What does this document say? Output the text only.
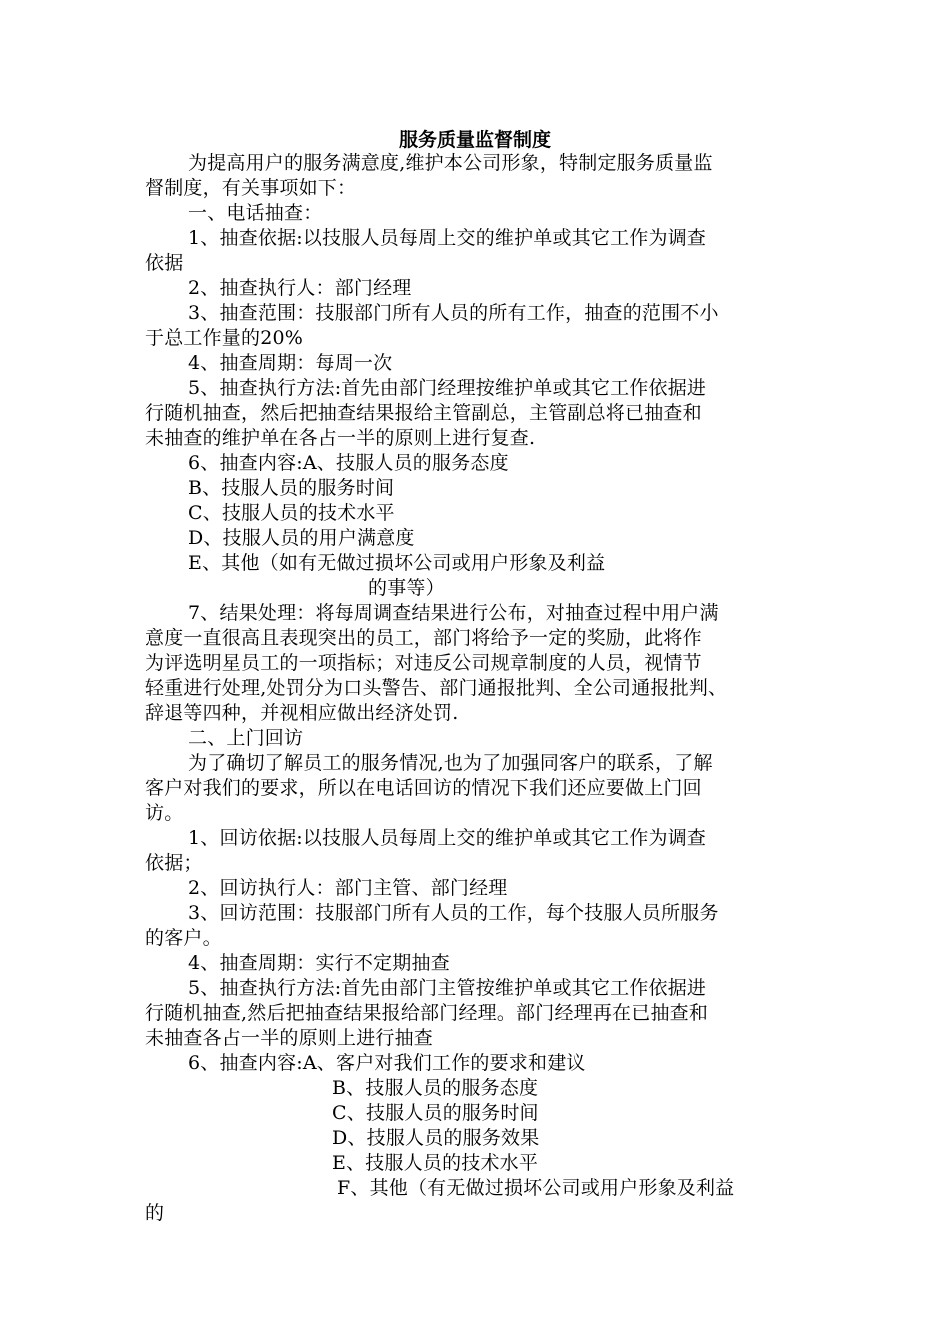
服务质量监督制度
为提高用户的服务满意度,维护本公司形象，特制定服务质量监
督制度，有关事项如下：
一、电话抽查：
1、抽查依据:以技服人员每周上交的维护单或其它工作为调查
依据
2、抽查执行人：部门经理
3、抽查范围：技服部门所有人员的所有工作，抽查的范围不小
于总工作量的20%
4、抽查周期：每周一次
5、抽查执行方法:首先由部门经理按维护单或其它工作依据进
行随机抽查，然后把抽查结果报给主管副总，主管副总将已抽查和
未抽查的维护单在各占一半的原则上进行复查.
6、抽查内容:A、技服人员的服务态度
B、技服人员的服务时间
C、技服人员的技术水平
D、技服人员的用户满意度
E、其他（如有无做过损坏公司或用户形象及利益
的事等）
7、结果处理：将每周调查结果进行公布，对抽查过程中用户满
意度一直很高且表现突出的员工，部门将给予一定的奖励，此将作
为评选明星员工的一项指标；对违反公司规章制度的人员，视情节
轻重进行处理,处罚分为口头警告、部门通报批判、全公司通报批判、
辞退等四种，并视相应做出经济处罚.
二、上门回访
为了确切了解员工的服务情况,也为了加强同客户的联系，了解
客户对我们的要求，所以在电话回访的情况下我们还应要做上门回
访。
1、回访依据:以技服人员每周上交的维护单或其它工作为调查
依据；
2、回访执行人：部门主管、部门经理
3、回访范围：技服部门所有人员的工作，每个技服人员所服务
的客户。
4、抽查周期：实行不定期抽查
5、抽查执行方法:首先由部门主管按维护单或其它工作依据进
行随机抽查,然后把抽查结果报给部门经理。部门经理再在已抽查和
未抽查各占一半的原则上进行抽查
6、抽查内容:A、客户对我们工作的要求和建议
B、技服人员的服务态度
C、技服人员的服务时间
D、技服人员的服务效果
E、技服人员的技术水平
F、其他（有无做过损坏公司或用户形象及利益
的
